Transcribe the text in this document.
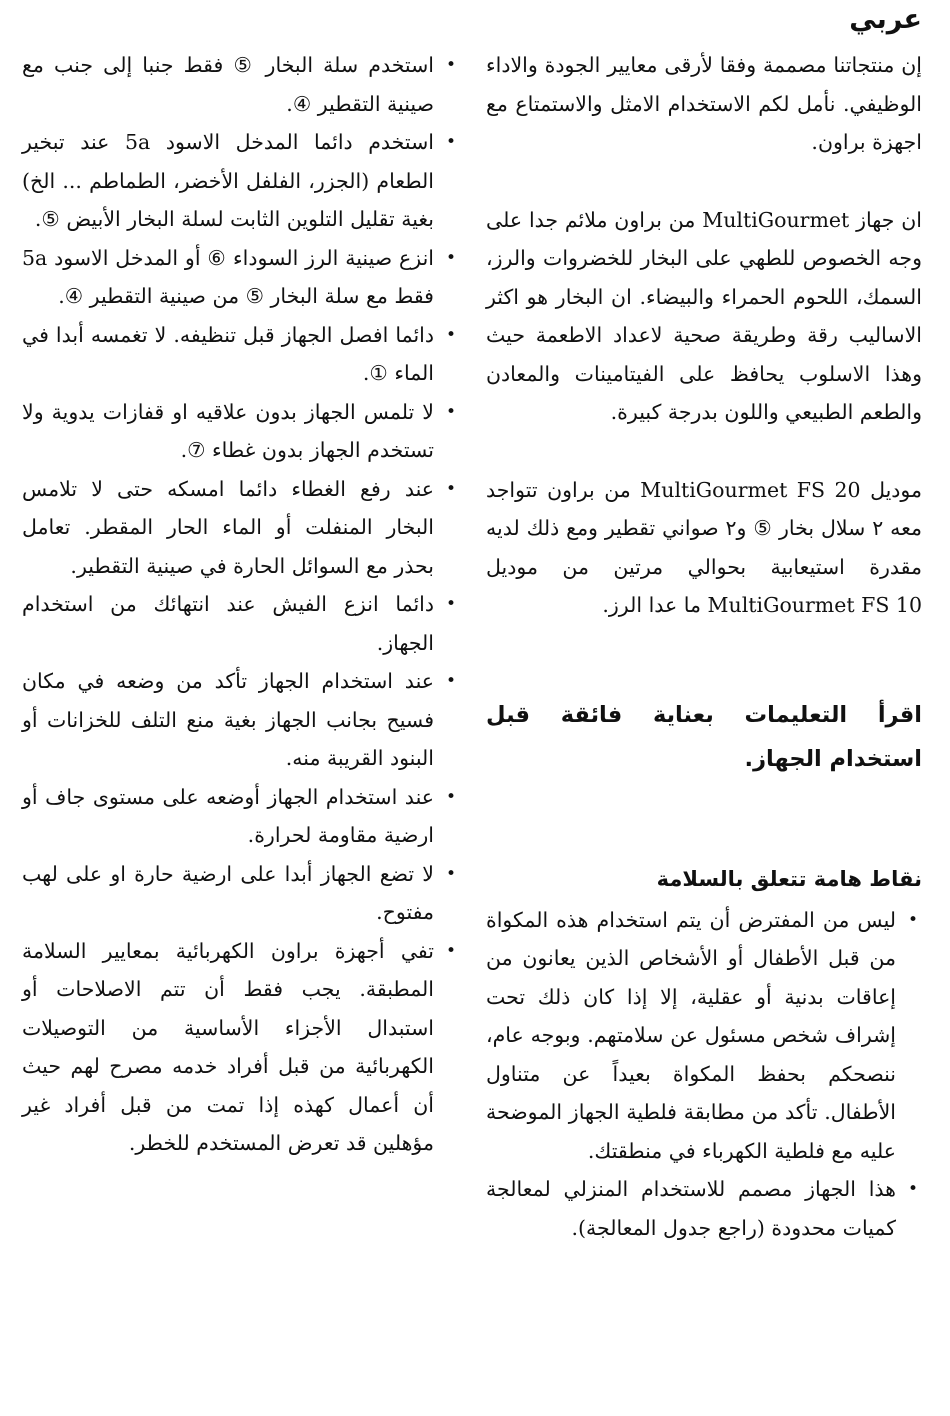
عربي

إن منتجاتنا مصممة وفقا لأرقى معايير الجودة والاداء الوظيفي. نأمل لكم الاستخدام الامثل والاستمتاع مع اجهزة براون.

ان جهاز MultiGourmet من براون ملائم جدا على وجه الخصوص للطهي على البخار للخضروات والرز، السمك، اللحوم الحمراء والبيضاء. ان البخار هو اكثر الاساليب رقة وطريقة صحية لاعداد الاطعمة حيث وهذا الاسلوب يحافظ على الفيتامينات والمعادن والطعم الطبيعي واللون بدرجة كبيرة.

موديل MultiGourmet FS 20 من براون تتواجد معه ٢ سلال بخار ⑤ و٢ صواني تقطير ومع ذلك لديه مقدرة استيعابية بحوالي مرتين من موديل MultiGourmet FS 10 ما عدا الرز.

اقرأ التعليمات بعناية فائقة قبل استخدام الجهاز.
نقاط هامة تتعلق بالسلامة
• ليس من المفترض أن يتم استخدام هذه المكواة من قبل الأطفال أو الأشخاص الذين يعانون من إعاقات بدنية أو عقلية، إلا إذا كان ذلك تحت إشراف شخص مسئول عن سلامتهم. وبوجه عام، ننصحكم بحفظ المكواة بعيداً عن متناول الأطفال. تأكد من مطابقة فلطية الجهاز الموضحة عليه مع فلطية الكهرباء في منطقتك.
• هذا الجهاز مصمم للاستخدام المنزلي لمعالجة كميات محدودة (راجع جدول المعالجة).
• استخدم سلة البخار ⑤ فقط جنبا إلى جنب مع صينية التقطير ④.
• استخدم دائما المدخل الاسود 5a عند تبخير الطعام (الجزر، الفلفل الأخضر، الطماطم ... الخ) بغية تقليل التلوين الثابت لسلة البخار الأبيض ⑤.
• انزع صينية الرز السوداء ⑥ أو المدخل الاسود 5a فقط مع سلة البخار ⑤ من صينية التقطير ④.
• دائما افصل الجهاز قبل تنظيفه. لا تغمسه أبدا في الماء ①.
• لا تلمس الجهاز بدون علاقيه او قفازات يدوية ولا تستخدم الجهاز بدون غطاء ⑦.
• عند رفع الغطاء دائما امسكه حتى لا تلامس البخار المنفلت أو الماء الحار المقطر. تعامل بحذر مع السوائل الحارة في صينية التقطير.
• دائما انزع الفيش عند انتهائك من استخدام الجهاز.
• عند استخدام الجهاز تأكد من وضعه في مكان فسيح بجانب الجهاز بغية منع التلف للخزانات أو البنود القريبة منه.
• عند استخدام الجهاز أوضعه على مستوى جاف أو ارضية مقاومة لحرارة.
• لا تضع الجهاز أبدا على ارضية حارة او على لهب مفتوح.
• تفي أجهزة براون الكهربائية بمعايير السلامة المطبقة. يجب فقط أن تتم الاصلاحات أو استبدال الأجزاء الأساسية من التوصيلات الكهربائية من قبل أفراد خدمه مصرح لهم حيث أن أعمال كهذه إذا تمت من قبل أفراد غير مؤهلين قد تعرض المستخدم للخطر.
